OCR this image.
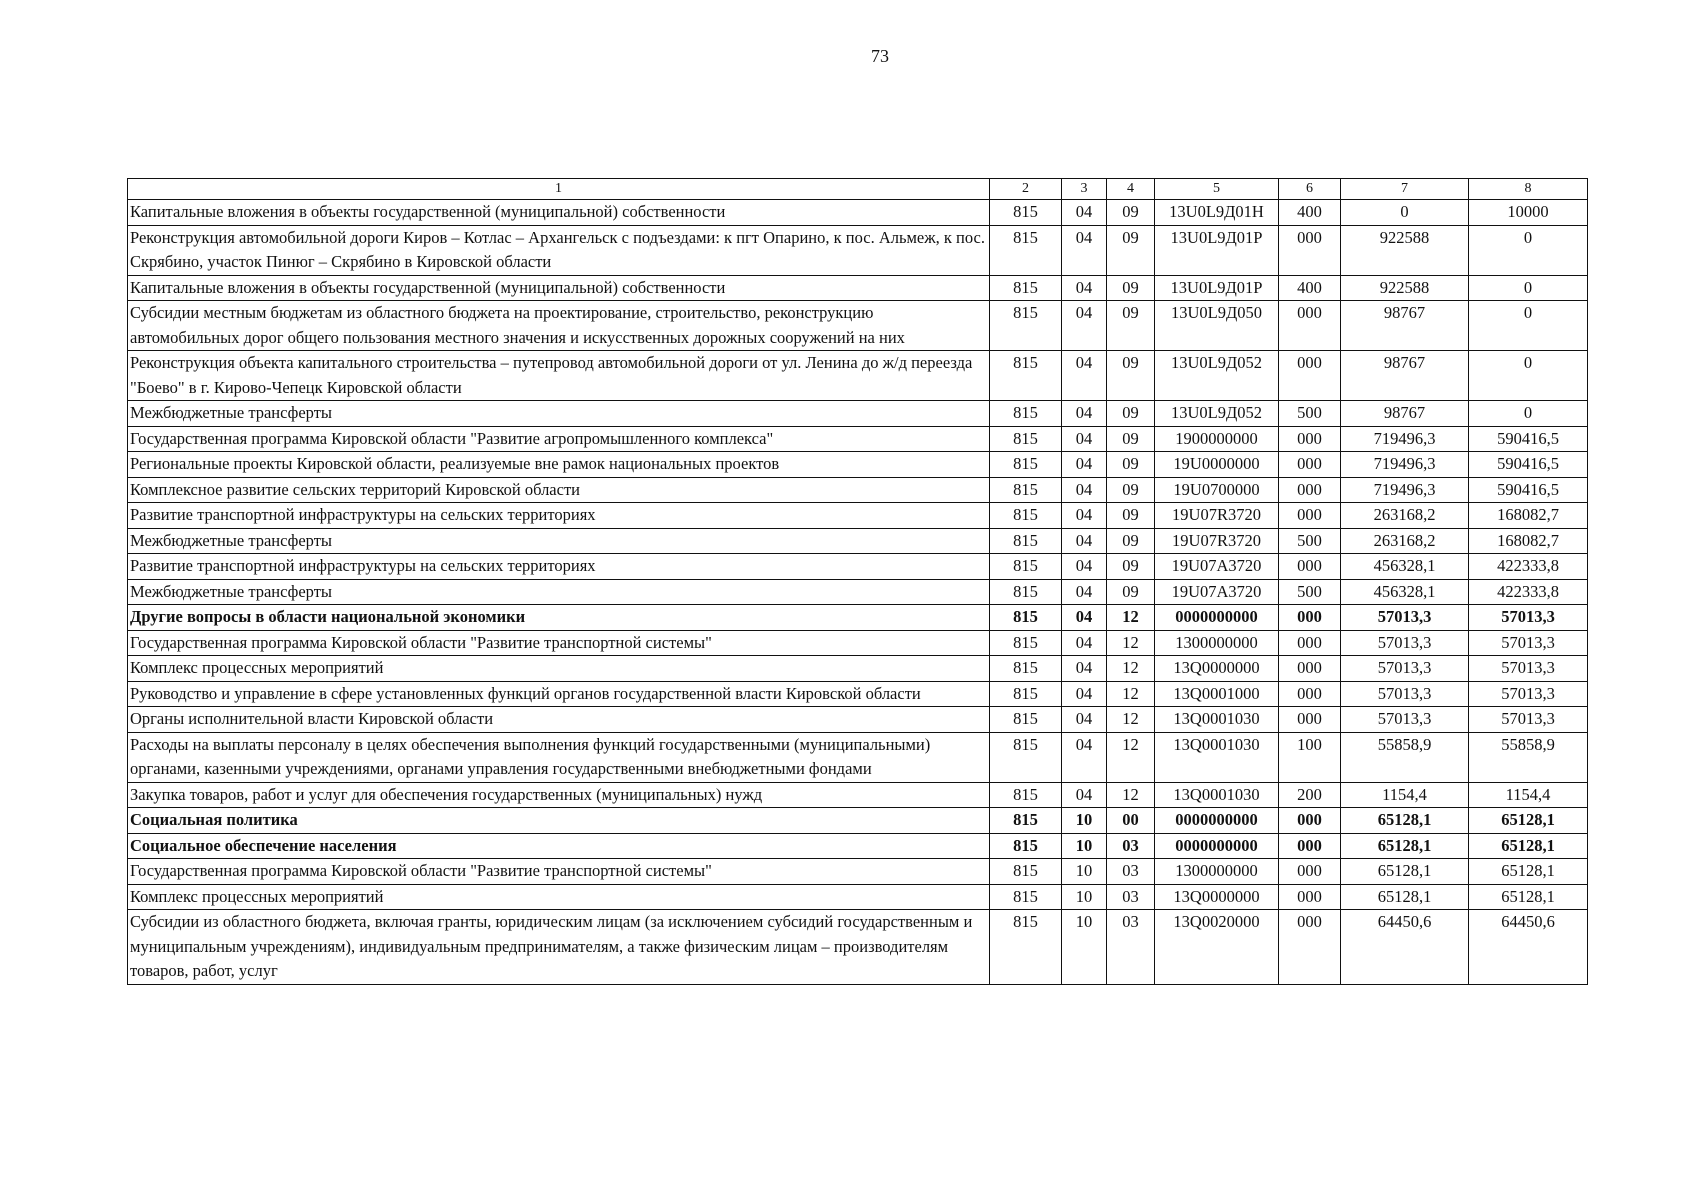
73
1	2	3	4	5	6	7	8
Капитальные вложения в объекты государственной (муниципальной) собственности	815	04	09	13U0L9Д01Н	400	0	10000
Реконструкция автомобильной дороги Киров – Котлас – Архангельск с подъездами: к пгт Опарино, к пос. Альмеж, к пос. Скрябино, участок Пинюг – Скрябино в Кировской области	815	04	09	13U0L9Д01Р	000	922588	0
Капитальные вложения в объекты государственной (муниципальной) собственности	815	04	09	13U0L9Д01Р	400	922588	0
Субсидии местным бюджетам из областного бюджета на проектирование, строительство, реконструкцию автомобильных дорог общего пользования местного значения и искусственных дорожных сооружений на них	815	04	09	13U0L9Д050	000	98767	0
Реконструкция объекта капитального строительства – путепровод автомобильной дороги от ул. Ленина до ж/д переезда "Боево" в г. Кирово-Чепецк Кировской области	815	04	09	13U0L9Д052	000	98767	0
Межбюджетные трансферты	815	04	09	13U0L9Д052	500	98767	0
Государственная программа Кировской области "Развитие агропромышленного комплекса"	815	04	09	1900000000	000	719496,3	590416,5
Региональные проекты Кировской области, реализуемые вне рамок национальных проектов	815	04	09	19U0000000	000	719496,3	590416,5
Комплексное развитие сельских территорий Кировской области	815	04	09	19U0700000	000	719496,3	590416,5
Развитие транспортной инфраструктуры на сельских территориях	815	04	09	19U07R3720	000	263168,2	168082,7
Межбюджетные трансферты	815	04	09	19U07R3720	500	263168,2	168082,7
Развитие транспортной инфраструктуры на сельских территориях	815	04	09	19U07A3720	000	456328,1	422333,8
Межбюджетные трансферты	815	04	09	19U07A3720	500	456328,1	422333,8
Другие вопросы в области национальной экономики	815	04	12	0000000000	000	57013,3	57013,3
Государственная программа Кировской области "Развитие транспортной системы"	815	04	12	1300000000	000	57013,3	57013,3
Комплекс процессных мероприятий	815	04	12	13Q0000000	000	57013,3	57013,3
Руководство и управление в сфере установленных функций органов государственной власти Кировской области	815	04	12	13Q0001000	000	57013,3	57013,3
Органы исполнительной власти Кировской области	815	04	12	13Q0001030	000	57013,3	57013,3
Расходы на выплаты персоналу в целях обеспечения выполнения функций государственными (муниципальными) органами, казенными учреждениями, органами управления государственными внебюджетными фондами	815	04	12	13Q0001030	100	55858,9	55858,9
Закупка товаров, работ и услуг для обеспечения государственных (муниципальных) нужд	815	04	12	13Q0001030	200	1154,4	1154,4
Социальная политика	815	10	00	0000000000	000	65128,1	65128,1
Социальное обеспечение населения	815	10	03	0000000000	000	65128,1	65128,1
Государственная программа Кировской области "Развитие транспортной системы"	815	10	03	1300000000	000	65128,1	65128,1
Комплекс процессных мероприятий	815	10	03	13Q0000000	000	65128,1	65128,1
Субсидии из областного бюджета, включая гранты, юридическим лицам (за исключением субсидий государственным и муниципальным учреждениям), индивидуальным предпринимателям, а также физическим лицам – производителям товаров, работ, услуг	815	10	03	13Q0020000	000	64450,6	64450,6
